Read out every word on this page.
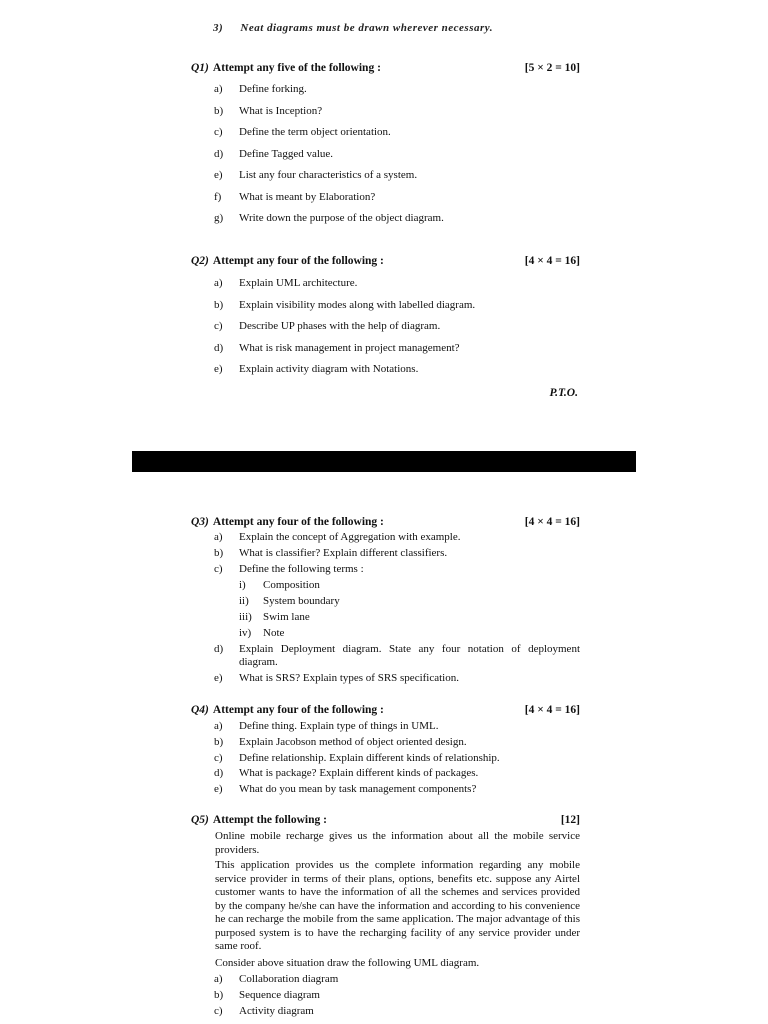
3) Neat diagrams must be drawn wherever necessary.
Q1) Attempt any five of the following :	[5 × 2 = 10]
a)	Define forking.
b)	What is Inception?
c)	Define the term object orientation.
d)	Define Tagged value.
e)	List any four characteristics of a system.
f)	What is meant by Elaboration?
g)	Write down the purpose of the object diagram.
Q2) Attempt any four of the following :	[4 × 4 = 16]
a)	Explain UML architecture.
b)	Explain visibility modes along with labelled diagram.
c)	Describe UP phases with the help of diagram.
d)	What is risk management in project management?
e)	Explain activity diagram with Notations.
P.T.O.
Q3) Attempt any four of the following :	[4 × 4 = 16]
a)	Explain the concept of Aggregation with example.
b)	What is classifier? Explain different classifiers.
c)	Define the following terms :
i)	Composition
ii)	System boundary
iii)	Swim lane
iv)	Note
d)	Explain Deployment diagram. State any four notation of deployment diagram.
e)	What is SRS? Explain types of SRS specification.
Q4) Attempt any four of the following :	[4 × 4 = 16]
a)	Define thing. Explain type of things in UML.
b)	Explain Jacobson method of object oriented design.
c)	Define relationship. Explain different kinds of relationship.
d)	What is package? Explain different kinds of packages.
e)	What do you mean by task management components?
Q5) Attempt the following :	[12]
Online mobile recharge gives us the information about all the mobile service providers.
This application provides us the complete information regarding any mobile service provider in terms of their plans, options, benefits etc. suppose any Airtel customer wants to have the information of all the schemes and services provided by the company he/she can have the information and according to his convenience he can recharge the mobile from the same application. The major advantage of this purposed system is to have the recharging facility of any service provider under same roof.
Consider above situation draw the following UML diagram.
a)	Collaboration diagram
b)	Sequence diagram
c)	Activity diagram
